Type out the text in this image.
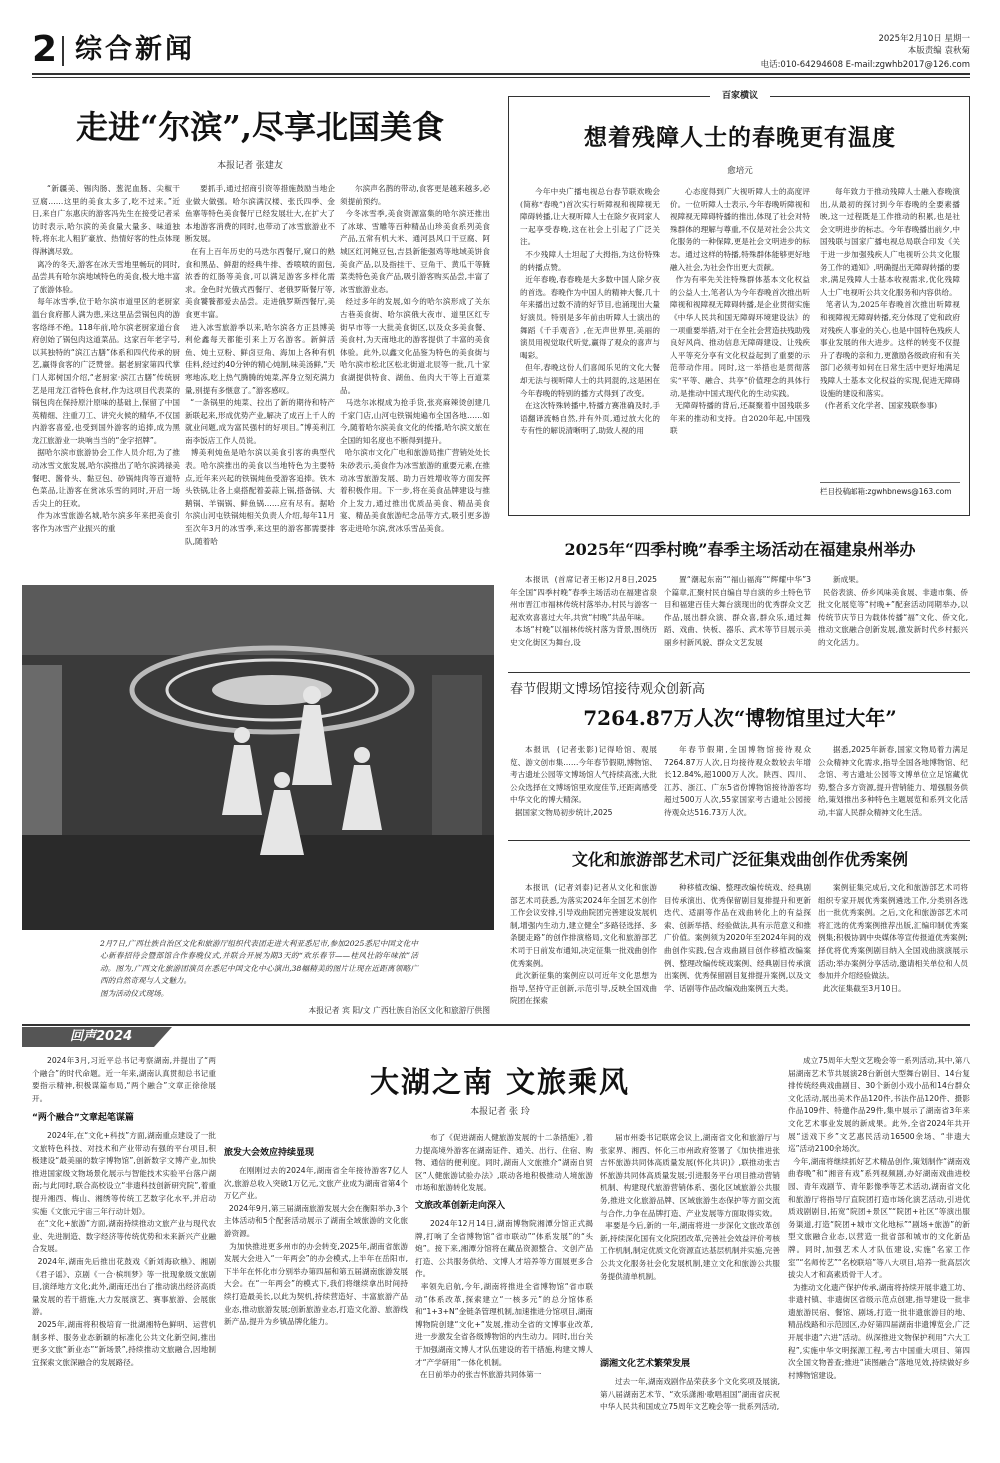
2 综合新闻	2025年2月10日 星期一
本版责编 袁秋菊
电话:010-64294608 E-mail:zgwhb2017@126.com
走进“尔滨”,尽享北国美食
本报记者 张建友
“新疆美、锡肉肠、葱泥血肠、尖椒干豆腐……这里的美食太多了,吃不过来。”近日,来自广东惠庆的游客冯先生在接受记者采访时表示,哈尔滨的美食量大量多、味道独特,将东北人粗犷豪放、热情好客的性点体现得淋漓尽致。
离冷的冬天,游客在冰天雪地里畅玩的同时,品尝具有哈尔滨地域特色的美食,极大地丰富了旅游体验。
每年冰雪季,位于哈尔滨市道里区的老厨家温台食府都人满为患,来这里品尝锅包肉的游客络绎不绝。118年前,哈尔滨老厨家道台食府创始了锅包肉这道菜品。这家百年老字号,以其独特的“滨江古膳”体系和四代传承的厨艺,赢得食客的广泛赞誉。据老厨家第四代掌门人郑树国介绍,“老厨家·滨江古膳”传统厨艺是用龙江省特色食材,作为这项目代表菜的锅包肉在保持原汁原味的基础上,保留了中国英精细、注重刀工、讲究火候的精华,不仅国内游客喜爱,也受到国外游客的追捧,成为黑龙江旅游业一块响当当的“金字招牌”。
据哈尔滨市旅游协会工作人员介绍,为了推动冰雪文旅发展,哈尔滨推出了哈尔滨鸿禄美餐吧、酱骨头、黏豆包、砂锅炖肉等百道特色菜品,让游客在赏冰乐雪的同时,开启一场舌尖上的狂欢。
作为冰雪旅游名城,哈尔滨多年来把美食引客作为冰雪产业振兴的重
要抓手,通过招商引资等措施鼓励当地企业做大做强。哈尔滨满汉楼、张氏四季、金鱼寨等特色美食餐厅已经发展壮大,在扩大了本地游客消费的同时,也带动了冰雪旅游业不断发展。
在有上百年历史的马迭尔西餐厅,窥口的熟食和黑品、鲜甜的经典牛排、香喷喷的面包,浓香的红肠等美食,可以满足游客多样化需求。金色时光俄式西餐厅、老俄罗斯餐厅等,美食饕餮都爱去品尝。走进俄罗斯西餐厅,美食更丰富。
进入冰雪旅游季以来,哈尔滨各方正县博美利伦鑫每天都能引来上万名游客。新鲜活鱼、炖土豆粉、鲜卤豆角、海加上各种有机佳料,经过约40分钟的精心炖制,味美汤鲜,“天寒地冻,吃上热气腾腾的炖菜,浑身立刻充满力量,别提有多惬意了。”游客感叹。
“一条锅里的炖菜、拉出了新的期待和特产新联起来,形成优势产业,解决了成百上千人的就业问题,成为富民强村的好项目。”博美利江南李饭店工作人员说。
博美利炖鱼是哈尔滨以美食引客的典型代表。哈尔滨推出的美食以当地特色为主要特点,近年来兴起的铁锅炖鱼受游客追捧。铁木头铁锅,让各上桌搭配着姜蒜上锅,搭备锅、大鹅锅、羊锅锅、鲜鱼锅……应有尽有。据哈尔滨山河屯铁锅炖相关负责人介绍,每年11月至次年3月的冰雪季,来这里的游客都需要排队,随着哈
尔滨声名鹊的带动,食客更是越来越多,必须提前预约。
今冬冰雪季,美食资源富集的哈尔滨还推出了冰球、雪雕等百种精品山珍美食系列美食产品,五常有机大米、通河县风口干豆腐、阿城区红河鲍豆包,吉县新能强鸡等地域美饼食美食产品,以及指挂干、豆角干、黄瓜干等腌菜类特色美食产品,吸引游客购买品尝,丰富了冰雪旅游业态。
经过多年的发展,如今的哈尔滨形成了关东古巷美食街、哈尔滨俄大夜市、道里区红专街早市等一大批美食街区,以及众多美食餐、美食村,为天南地北的游客提供了丰富的美食体验。此外,以鑫文化品鉴为特色的美食街与哈尔滨市松北区松北街道北辰等一批,几十家食湖提供特食、湖鱼、鱼肉大干等上百道菜品。
马迭尔冰棍成为抢手货,张亮麻辣烫创建几千家门店,山河屯铁锅炖遍布全国各地……如今,随着哈尔滨美食文化的传播,哈尔滨文旅在全国的知名度也不断得到提升。
哈尔滨市文化广电和旅游局推广营销处处长朱砂表示,美食作为冰雪旅游的重要元素,在推动冰雪旅游发展、助力百姓增收等方面发挥着积极作用。下一步,将在美食品牌建设与推介上发力,通过推出优质品美食、精品美食宴、精品美食旅游纪念品等方式,吸引更多游客走进哈尔滨,赏冰乐雪品美食。
2月7日,广西壮族自治区文化和旅游厅组织代表团走进大利亚悉尼市,参加2025悉尼中国文化中心新春招待会暨部馆合作春晚仪式,并联合开展为期3天的“欢乐春节——桂风壮韵年味浓”活动。图为,广西文化旅游团演员在悉尼中国文化中心演出,38幅精美的图片让现在近距离领略广西的自然奇观与人文魅力。
图为活动仪式现场。
本报记者 宾 阳/文 广西壮族自治区文化和旅游厅供图
百家横议
想着残障人士的春晚更有温度
愈培元
今年中央广播电视总台春节联欢晚会(简称“春晚”)首次实行听障视和视障视无障碍转播,让大视听障人士在除夕夜同家人一起享受春晚,这在社会上引起了广泛关注。
不少残障人士坦起了大拇指,为这份特殊的转播点赞。
近年春晚,春春晚是大多数中国人除夕夜的首选。春晚作为中国人的精神大餐,几十年来播出过数不清的好节目,也涌现出大量好演员。特别是多年前由听障人士演出的舞蹈《千手观音》,在无声世界里,美丽的演员用视觉取代听觉,赢得了观众的喜声与喝彩。
但年,春晚这份人们喜闻乐见的文化大餐却无法与视听障人士的共同混的,这是困在今年春晚的特别的播方式得到了改变。
在这次特殊转播中,特播方赛准确及时,手语翻译流畅自然,并有外页,通过放大化的专有性的解说清晰明了,助致人视的用
心态度得到广大视听障人士的高度评价。一位听障人士表示,今年春晚听障视和视障视无障碍特播的推出,体现了社会对特殊群体的理解与尊重,不仅是对社会公共文化服务的一种保障,更是社会文明进步的标志。通过这样的特播,特殊群体能够更好地融入社会,为社会作出更大贡献。
作为有率先关注特殊群体基本文化权益的公益人士,笔者认为今年春晚首次推出听障视和视障视无障碍转播,是企业贯彻实施《中华人民共和国无障碍环境建设法》的一项重要举措,对于在全社会营造扶残助残良好风尚、推动信息无障碍建设、让残疾人平等充分享有文化权益起到了重要的示范带动作用。同时,这一举措也是贯彻落实“平等、融合、共享”价值理念的具体行动,是推动中国式现代化的生动实践。
无障碍特播的背后,还凝聚着中国残联多年来的推动和支持。自2020年起,中国残联
每年致力于推动残障人士融入春晚演出,从最初的探讨到今年春晚的全要素播映,这一过程既是工作推动的积累,也是社会文明进步的标志。今年春晚播出前夕,中国残联与国家广播电视总局联合印发《关于进一步加强残疾人广电视听公共文化服务工作的通知》,明确提出无障碍转播的要求,满足残障人士基本收视需求,优化残障人士广电视听公共文化服务和内容供给。
笔者认为,2025年春晚首次推出听障视和视障视无障碍转播,充分体现了党和政府对残疾人事业的关心,也是中国特色残疾人事业发展的伟大进步。这样的转变不仅提升了春晚的亲和力,更激励各级政府和有关部门必须考如何在日常生活中更好地满足残障人士基本文化权益的实现,促进无障碍设施的建设和落实。
(作者系文化学者、国家残联参事)
栏目投稿邮箱:zgwhbnews@163.com
2025年“四季村晚”春季主场活动在福建泉州举办
本报讯  (首席记者王彬)2月8日,2025年全国“四季村晚”春季主场活动在福建省泉州市晋江市福林传统村落举办,村民与游客一起欢欢喜喜过大年,共赏“村晚”共品年味。
本场“村晚”以福林传统村落为背景,围绕历史文化街区为舞台,设
置“潮起东南”“福山福海”“辉耀中华”3个篇章,汇聚村民自编自导自演的乡土特色节目和福建百佳大舞台演现出的优秀群众文艺作品,展出群众演、群众喜,群众乐,通过舞蹈、戏曲、快板、器乐、武术等节目展示美丽乡村新风貌、群众文艺发展
新成果。
民俗表演、侨乡风味美食展、非遗市集、侨批文化展览等“村晚+”配套活动同期举办,以传统节庆节日为载体传播“福”文化、侨文化,推动文旅融合创新发展,激发新时代乡村振兴的文化活力。
春节假期文博场馆接待观众创新高
7264.87万人次“博物馆里过大年”
本报讯  (记者张影)记得哈馆、观展览、游文创市集……今年春节假期,博物馆、考古遗址公园等文博场馆人气持续高涨,大批公众选择在文博场馆里欢度佳节,还距离感受中华文化的博大精深。
据国家文物局初步统计,2025
年春节假期,全国博物馆接待观众7264.87万人次,日均接待观众数较去年增长12.84%,超1000万人次。陕西、四川、江苏、浙江、广东5省份博物馆接待游客均超过500万人次,55家国家考古遗址公园接待观众达516.73万人次。
据悉,2025年新春,国家文物局着力满足公众精神文化需求,指导全国各地博物馆、纪念馆、考古遗址公园等文博单位立足馆藏优势,整合多方资源,提升营销能力、增强服务供给,策划推出多种特色主题展览和系列文化活动,丰富人民群众精神文化生活。
文化和旅游部艺术司广泛征集戏曲创作优秀案例
本报讯  (记者刘泰)记者从文化和旅游部艺术司获悉,为落实2024年全国艺术创作工作会议安排,引导戏曲院团完善建设发展机制,增强内生动力,建立健全“多路径选择、多条腿走路”的创作排演格局,文化和旅游部艺术司于日前发布通知,决定征集一批戏曲创作优秀案例。
此次新征集的案例应以可近年文化思想为指导,坚持守正创新,示范引导,反映全国戏曲院团在探索
种移植改编、整理改编传统戏、经典剧目传承演出、优秀保留剧目复排提升和更新迭代、适副等作品在戏曲转化上的有益探索、创新举措、经验做法,具有示范意义和推广价值。案例须为2020年至2024年间的戏曲创作实践,包含戏曲剧目创作移植改编案例、整理改编传统戏案例、经典剧目传承演出案例、优秀保留剧目复排提升案例,以及文学、话剧等作品改编戏曲案例五大类。
案例征集完成后,文化和旅游部艺术司将组织专家开展优秀案例遴选工作,分类别各选出一批优秀案例。之后,文化和旅游部艺术司将汇选的优秀案例推荐出版,汇编印制优秀案例集;积极协调中央媒体等宣传报道优秀案例;择优将优秀案例剧目纳入全国戏曲演演展示活动;举办案例分享活动,邀请相关单位和人员参加并介绍经验做法。
此次征集截至3月10日。
回声2024
2024年3月,习近平总书记考察湖南,并提出了“两个融合”的时代命题。近一年来,湖南认真贯彻总书记重要指示精神,积极谋篇布局,“两个融合”文章正徐徐展开。
“两个融合”文章起笔谋篇
2024年,在“文化+科技”方面,湖南重点建设了一批文旅特色科技、对技术和产业带动有强的平台项目,积极建设“最美丽的数字博物馆”,创新数字文博产业,加快推进国家级文物场景化展示与智能技术实验平台落户湖南;与此同时,联合高校设立“非遗科技创新研究院”,着重提升湘西、梅山、湘绣等传统工艺数字化水平,并启动实施《文旅元宇宙三年行动计划》。
在“文化+旅游”方面,湖南持续推动文旅产业与现代农业、先进制造、数字经济等传统优势和未来新兴产业融合发展。
2024年,湖南先后推出花鼓戏《新刘海砍樵》、湘剧《君子谣》、京剧《一合·槟圳梦》等一批现象级文旅剧目,演绎地方文化;此外,湖南还出台了推动演出经济高质量发展的若干措施,大力发展演艺、赛事旅游、会展旅游。
2025年,湖南将积极培育一批湖湘特色鲜明、运营机制多样、服务业态新颖的标准化公共文化新空间,推出更多文旅“新业态”“新场景”,持续推动文旅融合,因地制宜探索文旅深融合的发展路径。
大湖之南 文旅乘风
本报记者 张 玲
旅发大会效应持续显现
在刚刚过去的2024年,湖南省全年接待游客7亿人次,旅游总收入突破1万亿元,文旅产业成为湖南省第4个万亿产业。
2024年9月,第三届湖南旅游发展大会在衡阳举办,3个主体活动和5个配套活动展示了湖南全域旅游的文化旅游资源。
为加快推进更多州市的办会转变,2025年,湖南省旅游发展大会进入“一年两会”的办会模式,上半年在岳阳市,下半年在怀化市分别举办第四届和第五届湖南旅游发展大会。在“一年两会”的模式下,我们将继续拿出时间持续打造最美长,以此为契机,持续营造好、丰富旅游产品业态,推动旅游发展;创新旅游业态,打造文化游、旅游线新产品,提升为乡镇品牌化能力。
布了《促进湖南人健旅游发展的十二条措施》,着力提高境外游客在湖南证件、通关、出行、住宿、购物、通信的便利度。同时,湖南人文旅推介“湖南自贸区”人健旅游试验办法》,联动各地积极推动人境旅游市场和旅游转化发展。
文旅改革创新走向深入
2024年12月14日,湖南博物院湘潭分馆正式揭牌,打响了全省博物馆“省市联动”“体系发展”的“头炮”。接下来,湘潭分馆将在藏品资源整合、文创产品打造、公共服务供给、文博人才培养等方面展更多合作。
率领先启航,今年,湖南将推进全省博物馆“省市联动”体系改革,探索建立“一核多元”的总分馆体系和“1+3+N”金链条管理机制,加速推进分馆项目,湖南博物院创建“文化+”发展,推动全省的文博事业改革,进一步激发全省各级博物馆的内生动力。同时,出台关于加强湖南文博人才队伍建设的若干措施,构建文博人才“产学研用”一体化机制。
在日前举办的张吉怀旅游共同体第一
届市州委书记联席会议上,湖南省文化和旅游厅与张家界、湘西、怀化三市州政府签署了《加快推进张吉怀旅游共同体高质量发展(怀化共识)》,联推动张吉怀旅游共同体高质量发展;引进服务平台项目推动营销机制、构建现代旅游营销体系、强化区域旅游公共服务,推进文化旅游品牌、区域旅游生态保护等方面交流与合作,力争在品牌打造、产业发展等方面取得实效。
率要是今后,新的一年,湖南将进一步深化文旅改革创新,持续深化国有文化院团改革,完善社会效益评价考核工作机制,制定优质文化资源直达基层机制并实施,完善公共文化服务社会化发展机制,建立文化和旅游公共服务提供清单机制。
湖湘文化艺术繁荣发展
过去一年,湖南戏剧作品荣获多个文化奖项及展演,第八届湖南艺术节、“欢乐潇湘·歌唱祖国”湖南省庆祝中华人民共和国成立75周年文艺晚会等一批系列活动,
成立75周年大型文艺晚会等一系列活动,其中,第八届湖南艺术节共展演28台新创大型舞台剧目、14台复排传统经典戏曲剧目、30个新创小戏小品和14台群众文化活动,展出美术作品120件,书法作品120件、摄影作品109件、特邀作品29件,集中展示了湖南省3年来文化艺术事业发展的新成果。此外,全省2024年共开展“送戏下乡”文艺惠民活动16500余场、“非遗大巡”活动2100余场次。
今年,湖南将继续抓好艺术精品创作,策划制作“湖南戏曲春晚”和“湘音有戏”系列视频剧,办好湖南戏曲进校园、青年戏剧节、青年影像季等艺术活动,湖南省文化和旅游厅将指导厅直院团打造市场化演艺活动,引进优质戏剧剧目,拓宽“院团+景区”“院团+社区”等演出服务渠道,打造“院团+城市文化地标”“剧场+旅游”的新型文旅融合业态,以营造一批省部和城市的文化新品牌。同时,加强艺术人才队伍建设,实施“名家工作室”“名师传艺”“名校联培”等八大项目,培养一批高层次拔尖人才和高素质骨干人才。
为推动文化遗产保护传承,湖南将持续开展非遗工坊、非遗村镇、非遗街区省级示范点创建,指导建设一批非遗旅游民宿、餐馆、剧场,打造一批非遗旅游目的地、精品线路和示范园区,办好第四届湖南非遗博览会,广泛开展非遗“六进”活动。纵深推进文物保护利用“六大工程”,实施中华文明探源工程,考古中国重大项目、第四次全国文物普查;推进“读图融合”落地见效,持续做好乡村博物馆建设。
